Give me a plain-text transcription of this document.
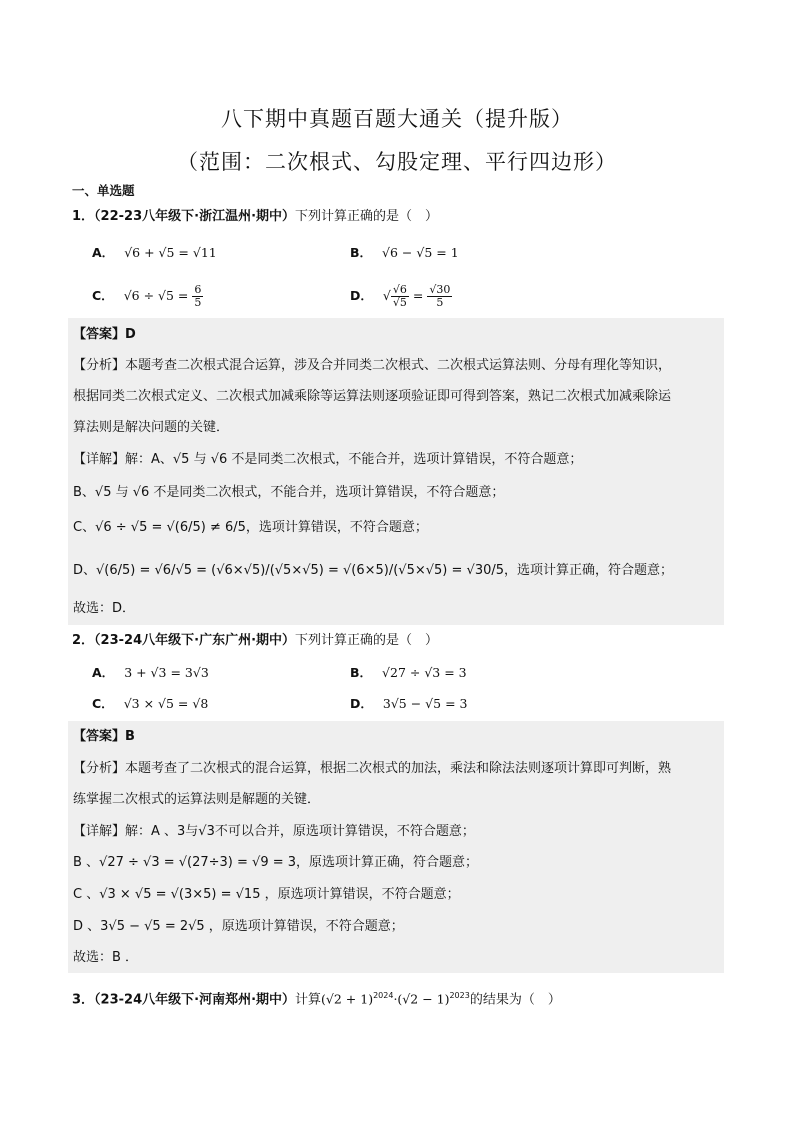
八下期中真题百题大通关（提升版）
（范围：二次根式、勾股定理、平行四边形）
一、单选题
1．（22-23八年级下·浙江温州·期中）下列计算正确的是（　）
A． √6 + √5 = √11	B． √6 − √5 = 1
C． $√6 \div √5 = \frac{6}{5}$	D． √ $\frac{√6}{√5} = \frac{√30}{5}$
【答案】D
【分析】本题考查二次根式混合运算，涉及合并同类二次根式、二次根式运算法则、分母有理化等知识，
根据同类二次根式定义、二次根式加减乘除等运算法则逐项验证即可得到答案，熟记二次根式加减乘除运
算法则是解决问题的关键．
【详解】解：A、√5 与 √6 不是同类二次根式，不能合并，选项计算错误，不符合题意；
B、√5 与 √6 不是同类二次根式，不能合并，选项计算错误，不符合题意；
C、√6 ÷ √5 = √(6/5) ≠ 6/5，选项计算错误，不符合题意；
D、√(6/5) = √6/√5 = (√6×√5)/(√5×√5) = √(6×5)/(√5×√5) = √30/5，选项计算正确，符合题意；
故选：D．
2．（23-24八年级下·广东广州·期中）下列计算正确的是（　）
A． 3 + √3 = 3√3	B． √27 ÷ √3 = 3
C． √3 × √5 = √8	D． 3√5 − √5 = 3
【答案】B
【分析】本题考查了二次根式的混合运算，根据二次根式的加法，乘法和除法法则逐项计算即可判断，熟
练掌握二次根式的运算法则是解题的关键．
【详解】解：A 、3与√3不可以合并，原选项计算错误，不符合题意；
B 、√27 ÷ √3 = √(27÷3) = √9 = 3，原选项计算正确，符合题意；
C 、√3 × √5 = √(3×5) = √15 ，原选项计算错误，不符合题意；
D 、3√5 − √5 = 2√5 ，原选项计算错误，不符合题意；
故选：B ．
3．（23-24八年级下·河南郑州·期中）计算$(√2 + 1)^{2024}\cdot(√2 - 1)^{2023}$的结果为（　）
